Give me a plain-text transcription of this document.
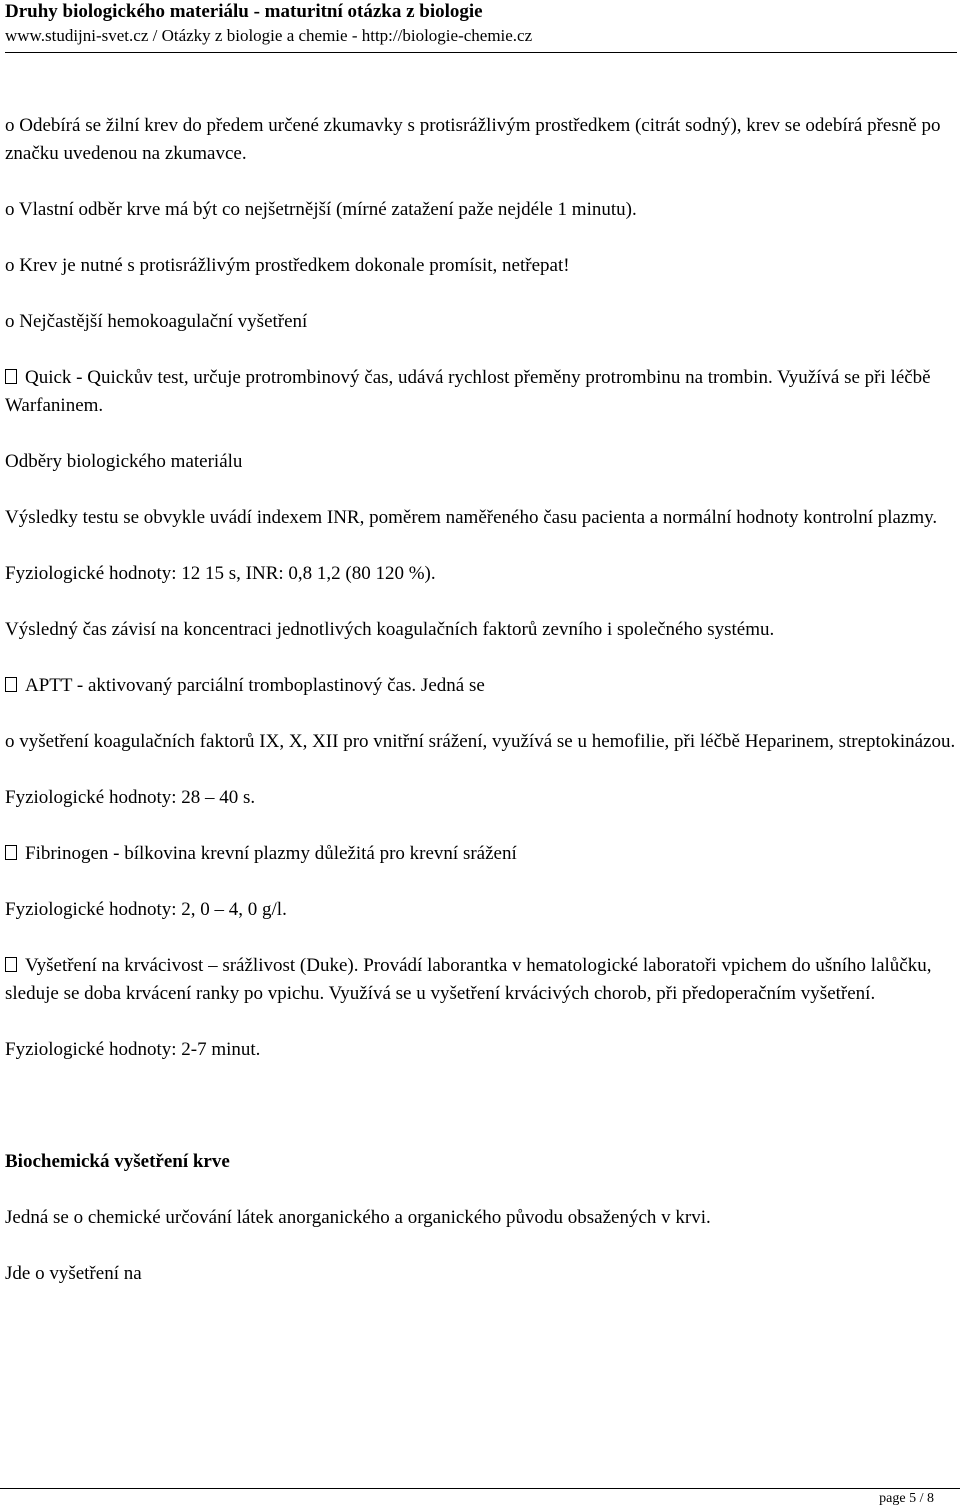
Druhy biologického materiálu - maturitní otázka z biologie
www.studijni-svet.cz / Otázky z biologie a chemie - http://biologie-chemie.cz

o Odebírá se žilní krev do předem určené zkumavky s protisrážlivým prostředkem (citrát sodný), krev se odebírá přesně po značku uvedenou na zkumavce.

o Vlastní odběr krve má být co nejšetrnější (mírné zatažení paže nejdéle 1 minutu).

o Krev je nutné s protisrážlivým prostředkem dokonale promísit, netřepat!

o Nejčastější hemokoagulační vyšetření

Quick - Quickův test, určuje protrombinový čas, udává rychlost přeměny protrombinu na trombin. Využívá se při léčbě Warfaninem.

Odběry biologického materiálu

Výsledky testu se obvykle uvádí indexem INR, poměrem naměřeného času pacienta a normální hodnoty kontrolní plazmy.

Fyziologické hodnoty: 12 15 s, INR: 0,8 1,2 (80 120 %).

Výsledný čas závisí na koncentraci jednotlivých koagulačních faktorů zevního i společného systému.

APTT - aktivovaný parciální tromboplastinový čas. Jedná se

o vyšetření koagulačních faktorů IX, X, XII pro vnitřní srážení, využívá se u hemofilie, při léčbě Heparinem, streptokinázou.

Fyziologické hodnoty: 28 – 40 s.

Fibrinogen - bílkovina krevní plazmy důležitá pro krevní srážení

Fyziologické hodnoty: 2, 0 – 4, 0 g/l.

Vyšetření na krvácivost – srážlivost (Duke). Provádí laborantka v hematologické laboratoři vpichem do ušního lalůčku, sleduje se doba krvácení ranky po vpichu. Využívá se u vyšetření krvácivých chorob, při předoperačním vyšetření.

Fyziologické hodnoty: 2-7 minut.

Biochemická vyšetření krve

Jedná se o chemické určování látek anorganického a organického původu obsažených v krvi.

Jde o vyšetření na

page 5 / 8
